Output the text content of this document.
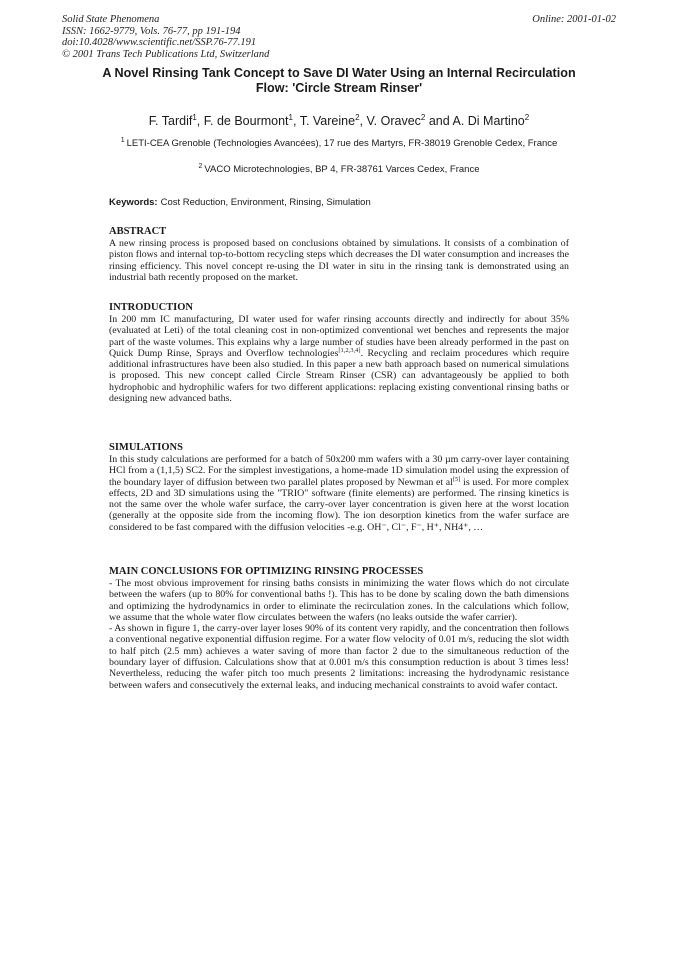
Solid State Phenomena
ISSN: 1662-9779, Vols. 76-77, pp 191-194
doi:10.4028/www.scientific.net/SSP.76-77.191
© 2001 Trans Tech Publications Ltd, Switzerland
Online: 2001-01-02
A Novel Rinsing Tank Concept to Save DI Water Using an Internal Recirculation Flow: 'Circle Stream Rinser'
F. Tardif$^1$, F. de Bourmont$^1$, T. Vareine$^2$, V. Oravec$^2$ and A. Di Martino$^2$
$^1$ LETI-CEA Grenoble (Technologies Avancées), 17 rue des Martyrs, FR-38019 Grenoble Cedex, France
$^2$ VACO Microtechnologies, BP 4, FR-38761 Varces Cedex, France
Keywords: Cost Reduction, Environment, Rinsing, Simulation
ABSTRACT
A new rinsing process is proposed based on conclusions obtained by simulations. It consists of a combination of piston flows and internal top-to-bottom recycling steps which decreases the DI water consumption and increases the rinsing efficiency. This novel concept re-using the DI water in situ in the rinsing tank is demonstrated using an industrial bath recently proposed on the market.
INTRODUCTION
In 200 mm IC manufacturing, DI water used for wafer rinsing accounts directly and indirectly for about 35% (evaluated at Leti) of the total cleaning cost in non-optimized conventional wet benches and represents the major part of the waste volumes. This explains why a large number of studies have been already performed in the past on Quick Dump Rinse, Sprays and Overflow technologies[1,2,3,4]. Recycling and reclaim procedures which require additional infrastructures have been also studied. In this paper a new bath approach based on numerical simulations is proposed. This new concept called Circle Stream Rinser (CSR) can advantageously be applied to both hydrophobic and hydrophilic wafers for two different applications: replacing existing conventional rinsing baths or designing new advanced baths.
SIMULATIONS
In this study calculations are performed for a batch of 50x200 mm wafers with a 30 µm carry-over layer containing HCl from a (1,1,5) SC2. For the simplest investigations, a home-made 1D simulation model using the expression of the boundary layer of diffusion between two parallel plates proposed by Newman et al[5] is used. For more complex effects, 2D and 3D simulations using the "TRIO" software (finite elements) are performed. The rinsing kinetics is not the same over the whole wafer surface, the carry-over layer concentration is given here at the worst location (generally at the opposite side from the incoming flow). The ion desorption kinetics from the wafer surface are considered to be fast compared with the diffusion velocities -e.g. OH⁻, Cl⁻, F⁻, H⁺, NH4⁺, …
MAIN CONCLUSIONS FOR OPTIMIZING RINSING PROCESSES

- The most obvious improvement for rinsing baths consists in minimizing the water flows which do not circulate between the wafers (up to 80% for conventional baths !). This has to be done by scaling down the bath dimensions and optimizing the hydrodynamics in order to eliminate the recirculation zones. In the calculations which follow, we assume that the whole water flow circulates between the wafers (no leaks outside the wafer carrier).

- As shown in figure 1, the carry-over layer loses 90% of its content very rapidly, and the concentration then follows a conventional negative exponential diffusion regime. For a water flow velocity of 0.01 m/s, reducing the slot width to half pitch (2.5 mm) achieves a water saving of more than factor 2 due to the simultaneous reduction of the boundary layer of diffusion. Calculations show that at 0.001 m/s this consumption reduction is about 3 times less! Nevertheless, reducing the wafer pitch too much presents 2 limitations: increasing the hydrodynamic resistance between wafers and consecutively the external leaks, and inducing mechanical constraints to avoid wafer contact.
